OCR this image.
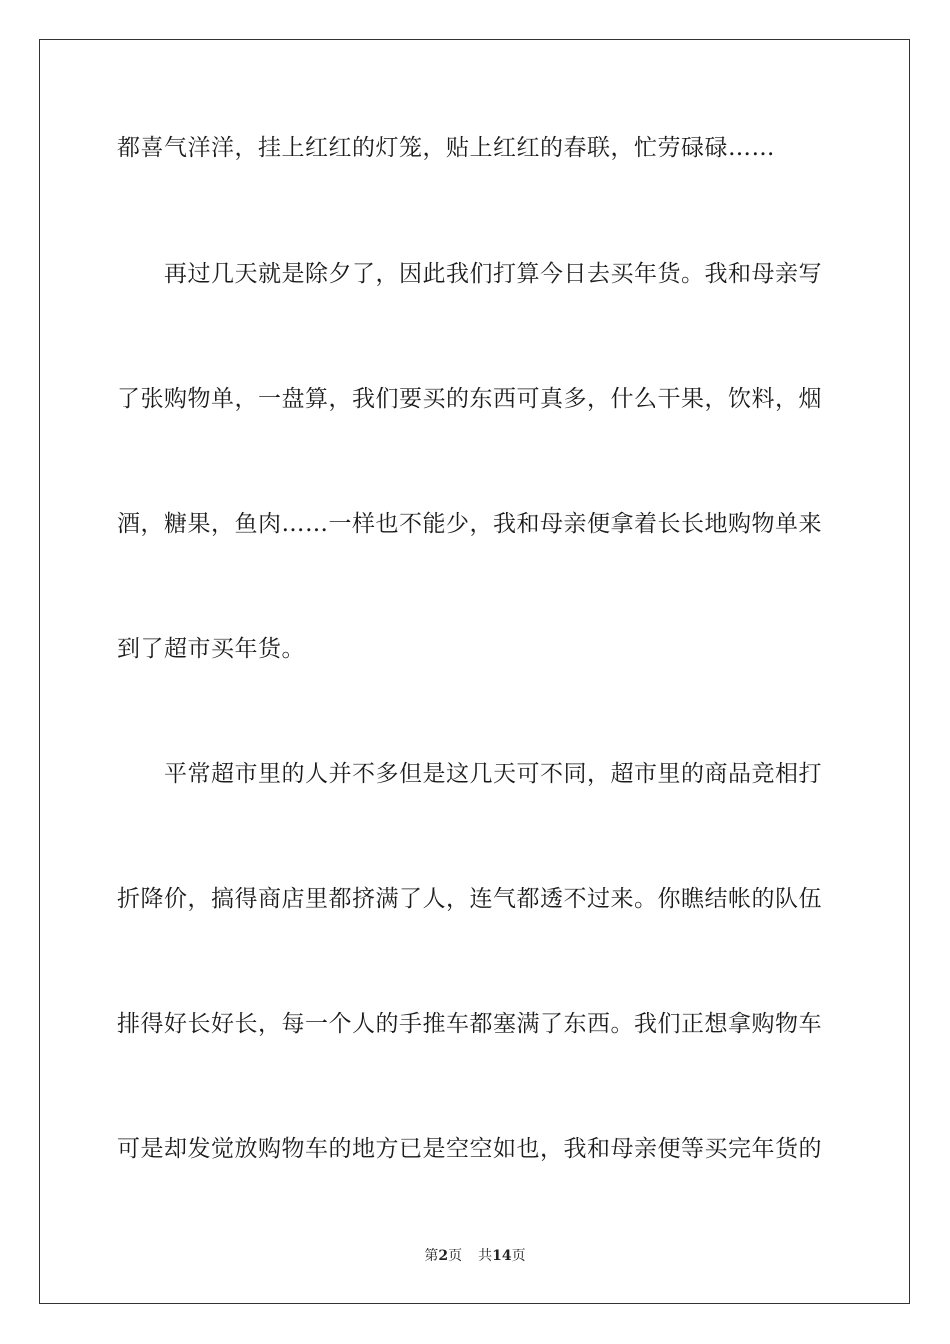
都喜气洋洋，挂上红红的灯笼，贴上红红的春联，忙劳碌碌……
再过几天就是除夕了，因此我们打算今日去买年货。我和母亲写
了张购物单，一盘算，我们要买的东西可真多，什么干果，饮料，烟
酒，糖果，鱼肉……一样也不能少，我和母亲便拿着长长地购物单来
到了超市买年货。
平常超市里的人并不多但是这几天可不同，超市里的商品竞相打
折降价，搞得商店里都挤满了人，连气都透不过来。你瞧结帐的队伍
排得好长好长，每一个人的手推车都塞满了东西。我们正想拿购物车
可是却发觉放购物车的地方已是空空如也，我和母亲便等买完年货的
第2页 共14页
